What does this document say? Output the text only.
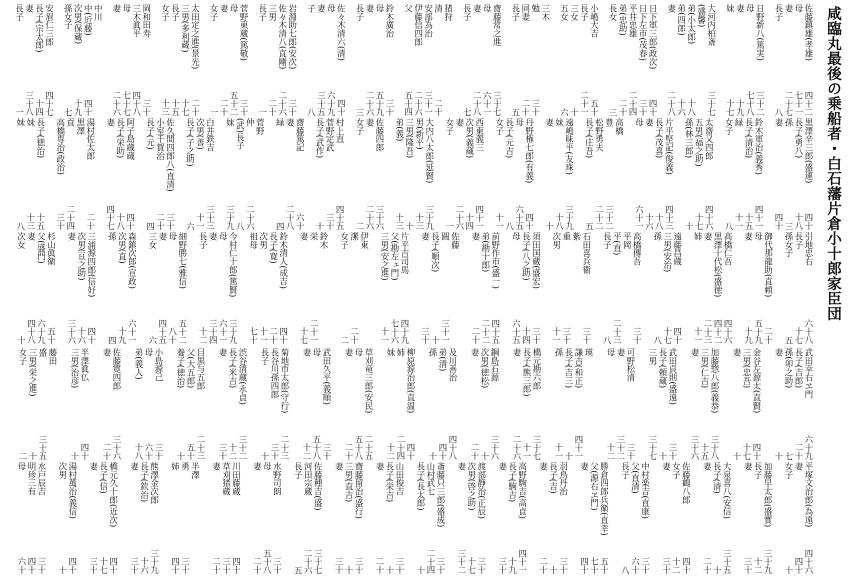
咸臨丸最後の乗船者・白石藩片倉小十郎家臣団
佐藤鎮雄(孝雄)
四十二
母
七十一
妻
二十七
長子
八
日野新八(篤実)
三十二
母
七十八
妻
十九
妹
十七
大河内柏斎
三十七
(盛馨)
弟(小太郎)
十八
弟(四郎)
十六
妻
二十八
日下軍三郎(政次)
四十
日下左市(茂春)
三十
平井忠雄
二十四
弟(忠助)
二十
長女
三
小嶋大吉
五十
長子
二十一
三女
十
五女
六
三木
勉
三十
同妻
二十
長子
五
齋藤常之進
三十七
母
六十一
妻
二十八
長子
七
猪狩
清
二十
安部為治
三十一
伊藤信四郎
二十六
父
五十四
鈴木廣治
三十
母
五十九
妻
二十六
長子
三
佐々木清六(清)
四十
母
六十九
妻
三十五
子
八
岩淵助七郎(安次)
三十
佐々木清八(直剛)
二十六
三男
二十
長子
一
菅野東蔵(篤敬)
三十
母
五十二
妻
二十
女子
一
太田定之進(景光)
二十
三男(多利蔵)
十七
長子
十五
女子
十三
岡和田寿
三十
三木眞平
四十八
母
七十七
妻
二十六
中川
中(近藤)
四十
次男(保蔵)
十九
孫女子
七
安眉仁三郎
四十七
長子(宗太郎)
十四
妻
三十八
長子
一
黒澤辛三郎(盛連)
四十
長子(勇八)
十八
孫
三
妻
四十
鈴木軍治(義秀)
四十一
長子(清治)
十五
緑
十一
女子
八
太齋又四郎
四十六
五男(福之助)
十七
孫(林三郎)
十
片平堅記(俊義)
四十三
長子(茂喜)
十八
妻
十六
母
六十一
高橋
豊
三十二
松野勇夫
二十二
長子(庄吾)
五
遠嶋昧平(友珠)
三十九
妹
十八
妻
十
丹野権七郎(有義)
四十
母
六十五
長子(元吉)
八
女子
十一
西東義三
四十一
次男(義蔵)
十四
妻
二十六
女子
一
大内八太郎(延賢)
三十九
男(新平)
十三
三男(隆吾)
十
弟(義)
十三
佐藤四郎
三十六
妻
二十六
女子
二
村上直
四十五
菅野定武
三十
長子(武作)
十
齋藤篤記
六十
妻
二十八
緑
四
菅野
仲
二十六
(武)長子
八
妹
三十九
白井鉄吉
三十三
次男(善)
十一
長子(子之助)
六
佐久間四郎八(直清)
三十
小室千賀治
二十
長子(元)
四
阿子島蔵蔵
四十
長子(栄助)
十八
妻
四十七
湯村佐太郎
二十
黒澤
貢
二十四
高橋専治(政治)
三十
長子(徳治)
十五
妹
十三
妹
八
引地忠右
六十八
長子
十七
孫女子
五
御代那龍助(直頼)
二十
母
五十九
妻
十九
高橋仁吾
四十六
黒澤十代松(盛徳)
四十二
妻
二十三
姉
十一
遠藤昌蔵
四十
三男(安治)
十七
孫
八
高橋傳吾
三十
平岡
平(直)
二十三
長子
八
石田喜兵衛
三十
紫
重
三十
次男
十一
須田国蔵(盛宏)
三十
長子(八之助)
十四
母
六十五
前野作市(盛一)
四十五
弟(勘十郎)
二十二
妻
二十
佐藤
圓
三十一
長子(順次)
十
妻
三十
片平吉司馬
四十九
父(勘左ェ門)
七十六
三男(安之進)
十一
伊東
潔
二十
女子
二
鈴木
栄
二十一
妻
十七
鈴木清人(成吉)
四十
長子(寛)
二十
次男
十一
祖母
七十
今村仁十郎(篤賢)
三十九
母
六十一
妻
三十四
長子
十二
細野勝七(雅信)
五十二
母
八十
妻
四十五
三女
六
森鎮次郎(宣政)
六十一
次男(直)
十九
孫
四
三浦源四郎(信好)
四十
次男(亘之助)
十六
妻
三十六
杉山眞衛
五十
父(盛門)
六十九
妻
四十八
次女
十
武田幸右ヱ門
六十九
長子(吉郎)
二十
孫(卯之助)
七
妻
十
金谷左源太(直賢)
四十
三男(忠吾)
十七
妻
十
加藤惣八郎(義恭)
三十八
三男(仁吉)
十五
妻
三十六
武田貞則(盛遠)
三十
長子(頼蔵)
十
三男
三十七
可野松清
三十
妻
三十二
母
十二
瑛
謙吉(和正)
四十一
長子(吉三)
十
孫
十一
橋元勘六郎
三十七
長子(熊三郎)
十一
妻
二十六
鋼島石源
三十六
次男(徳松)
十
妻
二十
及川善治
四十八
弟(清)
四十
孫
十
柳原源治郎(直温)
四十
姉
二十四
妹
十二
草刈竜三郎(安民)
二十五
母
五十八
妻
二十
武田久平(義順)
三十
母
五十八
妻
十二
菊地市太郎(守行)
二十三
長谷川孫四郎
三十
長子
十
渋谷清蔵(永貞)
三十二
長子(米吉)
十二
妻
三十
目黒与五郎
二十三
父(大五郎)
五十
養子(徳治)
十
小島源己
三十
母
六十
弟(義人)
十八
佐藤寛四郎
三十六
妻
二十
半澤眞仏
四十
三男(治彦)
十
藤田
盛
三十五
三男(栄之進)
十
女子
二
平塚文治郎(為遠)
四十六
妻
四十
女子
十
加藤早太郎(盛實)
三十九
長子
十二
妻
三十
大泉喜八(安信)
三十五
長子(清)
十
妻
二十
佐藤鶴八郎
四十
女子
十二
妻
三十
中村楽吉(直康)
三十
父(直清)
六十
長子
八
勝倉四郎兵衛(直幸)
五十
父(源右ヱ門)
七十
妻
四十
羽鳥丹治
三十
長子(吉)
十
妻
二十
高野駒吉(高貞)
四十一
長子(駒吉)
十九
妻
三十
渡部静治(正辰)
三十
次男(啓之助)
十七
妻
三十二
斎藤只三郎(盛成)
三十
山村武七
二十四
長子(長太郎)
十
山田俊吉
三十
長子(栄吉)
十
妻
二十
齋藤留治(盛行)
三十
三男(直吉)
十
妻
三十
佐藤種吉(盛)
三十七
河田宗蔵
二十六
長子
五
水野司朗
三十
母
五十八
妻
二十
川田藤蔵
四十
草刈猪蔵
三十
妻
二十
半澤
勇
三十
姉
四十
熊澤金次郎
三十九
長子(欽治)
十六
妻
三十
橋元久十郎(近次)
四十
長子(信)
十七
妻
三十
湯村萬治(義信)
四十
次男
十
水戸辰吉
三十
明珍三有
四十
母
六十
